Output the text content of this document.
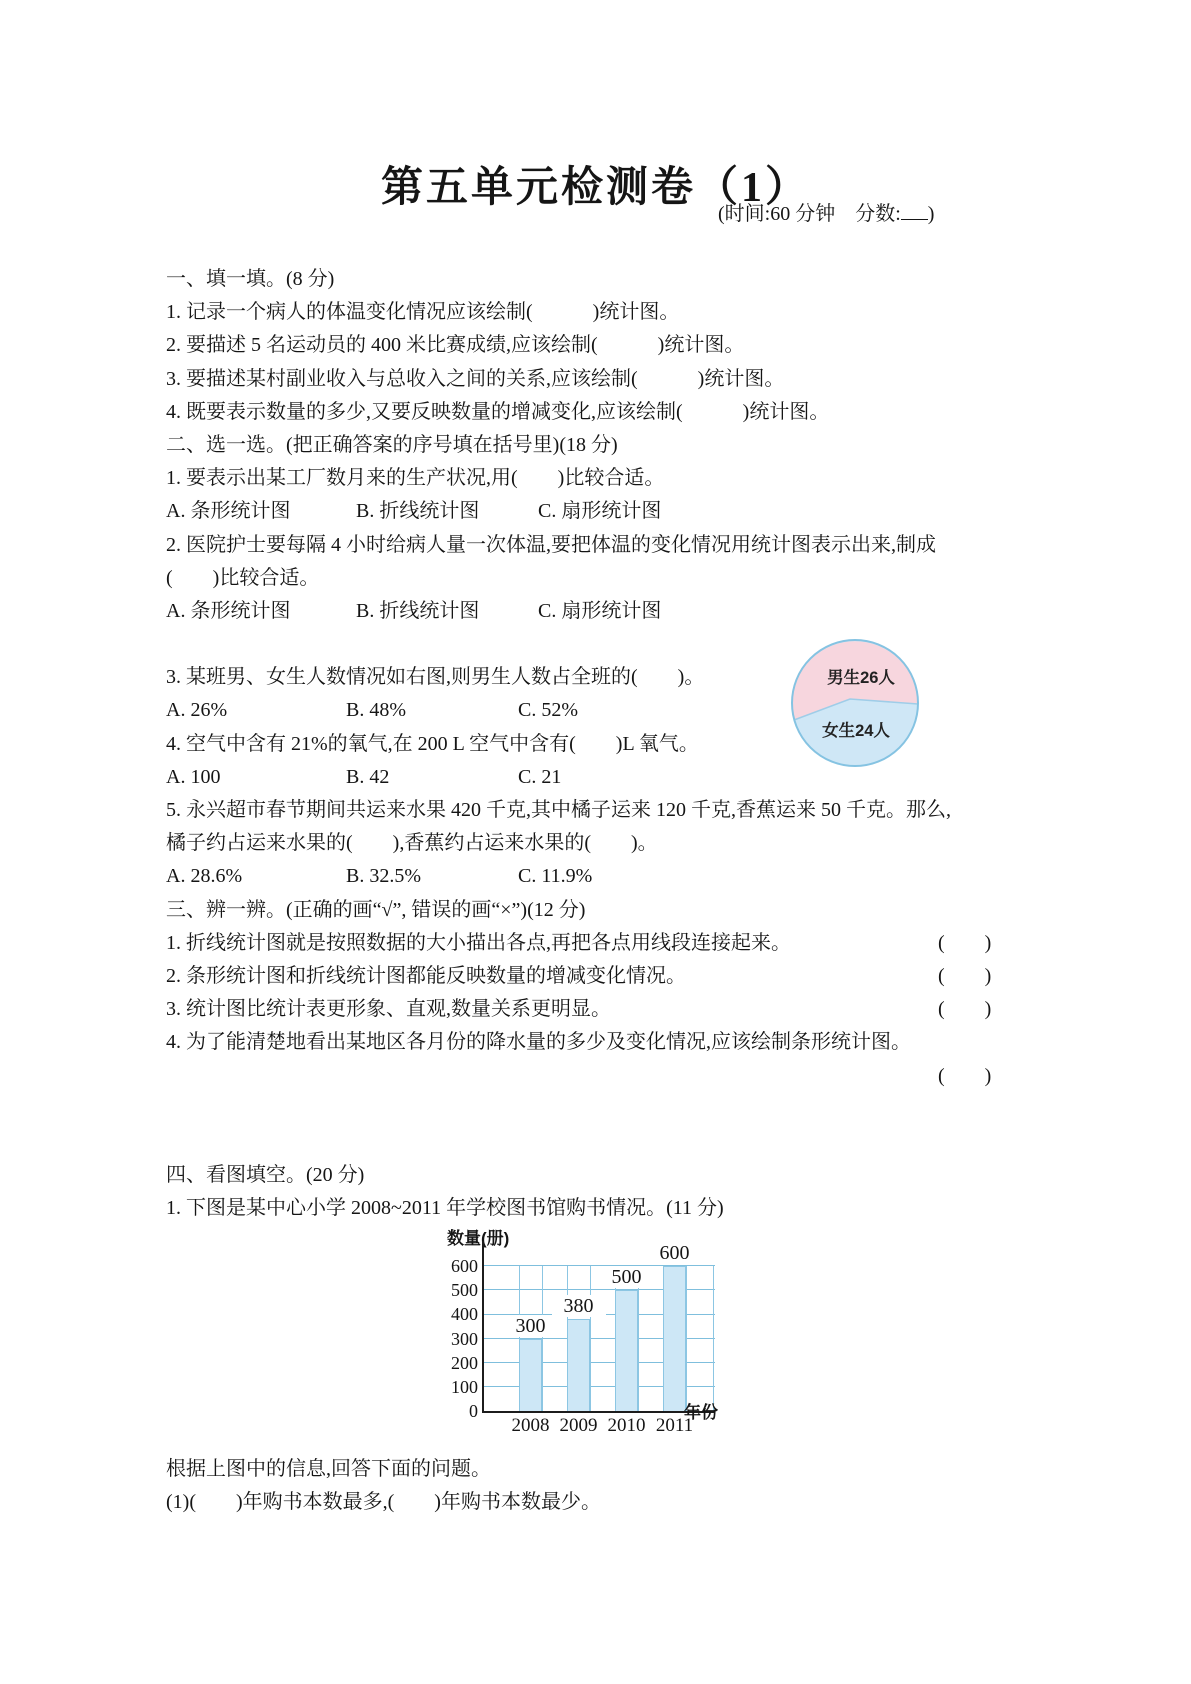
第五单元检测卷（1）
(时间:60 分钟　分数: )
一、填一填。(8 分)
1. 记录一个病人的体温变化情况应该绘制(　　　)统计图。
2. 要描述 5 名运动员的 400 米比赛成绩,应该绘制(　　　)统计图。
3. 要描述某村副业收入与总收入之间的关系,应该绘制(　　　)统计图。
4. 既要表示数量的多少,又要反映数量的增减变化,应该绘制(　　　)统计图。
二、选一选。(把正确答案的序号填在括号里)(18 分)
1. 要表示出某工厂数月来的生产状况,用(　　)比较合适。
A. 条形统计图	B. 折线统计图	C. 扇形统计图
2. 医院护士要每隔 4 小时给病人量一次体温,要把体温的变化情况用统计图表示出来,制成
(　　)比较合适。
A. 条形统计图	B. 折线统计图	C. 扇形统计图
3. 某班男、女生人数情况如右图,则男生人数占全班的(　　)。
A. 26%	B. 48%	C. 52%
4. 空气中含有 21%的氧气,在 200 L 空气中含有(　　)L 氧气。
A. 100	B. 42	C. 21
5. 永兴超市春节期间共运来水果 420 千克,其中橘子运来 120 千克,香蕉运来 50 千克。那么,
橘子约占运来水果的(　　),香蕉约占运来水果的(　　)。
A. 28.6%	B. 32.5%	C. 11.9%
三、辨一辨。(正确的画“√”, 错误的画“×”)(12 分)
1. 折线统计图就是按照数据的大小描出各点,再把各点用线段连接起来。	(　　)
2. 条形统计图和折线统计图都能反映数量的增减变化情况。	(　　)
3. 统计图比统计表更形象、直观,数量关系更明显。	(　　)
4. 为了能清楚地看出某地区各月份的降水量的多少及变化情况,应该绘制条形统计图。
(　　)
四、看图填空。(20 分)
1. 下图是某中心小学 2008~2011 年学校图书馆购书情况。(11 分)
男生26人
女生24人
数量(册)
300
2008
380
2009
500
2010
600
2011
0
100
200
300
400
500
600
年份
根据上图中的信息,回答下面的问题。
(1)(　　)年购书本数最多,(　　)年购书本数最少。
